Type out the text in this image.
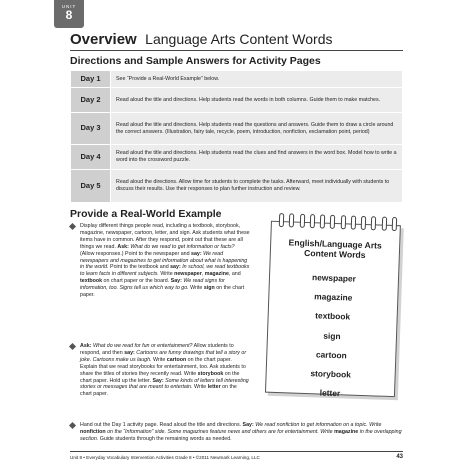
UNIT
8
Overview Language Arts Content Words
Directions and Sample Answers for Activity Pages
Day 1	See “Provide a Real-World Example” below.
Day 2	Read aloud the title and directions. Help students read the words in both columns. Guide them to make matches.
Day 3	Read aloud the title and directions. Help students read the questions and answers. Guide them to draw a circle around the correct answers. (Illustration, fairy tale, recycle, poem, introduction, nonfiction, exclamation point, period)
Day 4	Read aloud the title and directions. Help students read the clues and find answers in the word box. Model how to write a word into the crossword puzzle.
Day 5	Read aloud the directions. Allow time for students to complete the tasks. Afterward, meet individually with students to discuss their results. Use their responses to plan further instruction and review.
Provide a Real-World Example
Display different things people read, including a textbook, storybook, magazine, newspaper, cartoon, letter, and sign. Ask students what these items have in common. After they respond, point out that these are all things we read. Ask: What do we read to get information or facts? (Allow responses.) Point to the newspaper and say: We read newspapers and magazines to get information about what is happening in the world. Point to the textbook and say: In school, we read textbooks to learn facts in different subjects. Write newspaper, magazine, and textbook on chart paper or the board. Say: We read signs for information, too. Signs tell us which way to go. Write sign on the chart paper.
Ask: What do we read for fun or entertainment? Allow students to respond, and then say: Cartoons are funny drawings that tell a story or joke. Cartoons make us laugh. Write cartoon on the chart paper. Explain that we read storybooks for entertainment, too. Ask students to share the titles of stories they recently read. Write storybook on the chart paper. Hold up the letter. Say: Some kinds of letters tell interesting stories or messages that are meant to entertain. Write letter on the chart paper.
Hand out the Day 1 activity page. Read aloud the title and directions. Say: We read nonfiction to get information on a topic. Write nonfiction on the “Information” side. Some magazines feature news and others are for entertainment. Write magazine in the overlapping section. Guide students through the remaining words as needed.
English/Language Arts
Content Words
newspaper
magazine
textbook
sign
cartoon
storybook
letter
Unit 8 • Everyday Vocabulary Intervention Activities Grade 8 • ©2011 Newmark Learning, LLC	43
